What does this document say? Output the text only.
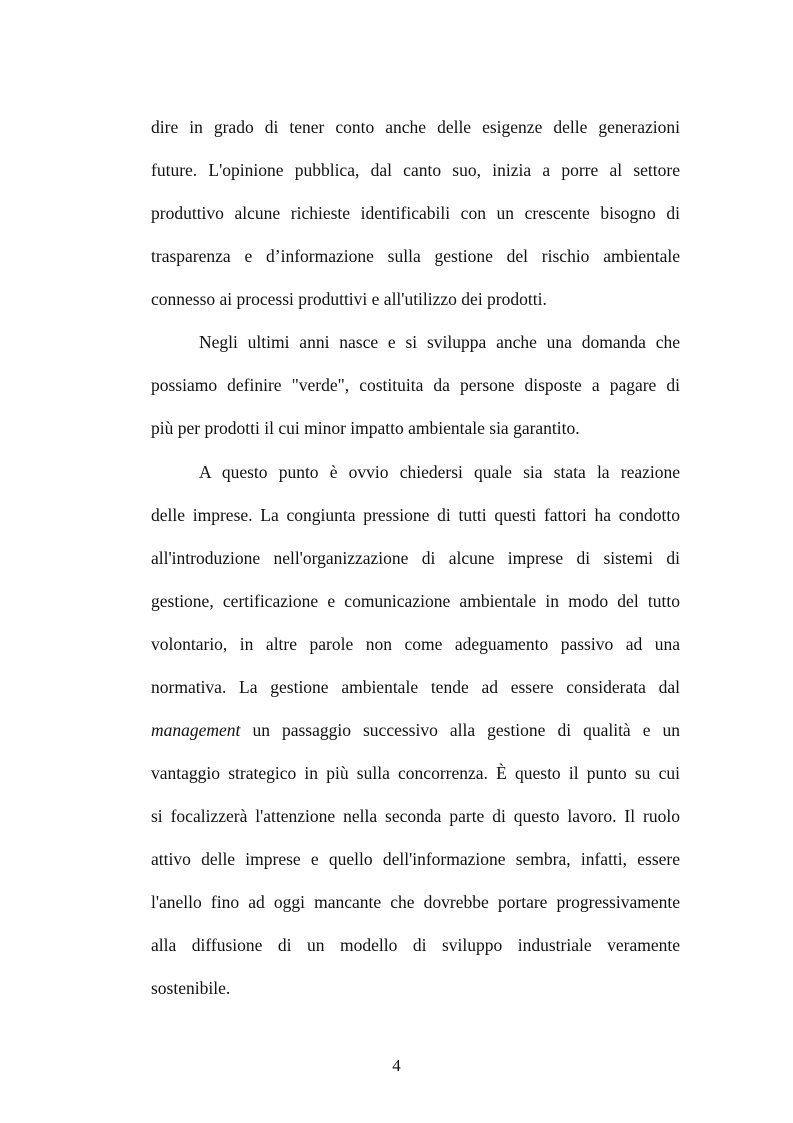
dire in grado di tener conto anche delle esigenze delle generazioni
future. L'opinione pubblica, dal canto suo, inizia a porre al settore
produttivo alcune richieste identificabili con un crescente bisogno di
trasparenza e d’informazione sulla gestione del rischio ambientale
connesso ai processi produttivi e all'utilizzo dei prodotti.
Negli ultimi anni nasce e si sviluppa anche una domanda che
possiamo definire "verde", costituita da persone disposte a pagare di
più per prodotti il cui minor impatto ambientale sia garantito.
A questo punto è ovvio chiedersi quale sia stata la reazione
delle imprese. La congiunta pressione di tutti questi fattori ha condotto
all'introduzione nell'organizzazione di alcune imprese di sistemi di
gestione, certificazione e comunicazione ambientale in modo del tutto
volontario, in altre parole non come adeguamento passivo ad una
normativa. La gestione ambientale tende ad essere considerata dal
management un passaggio successivo alla gestione di qualità e un
vantaggio strategico in più sulla concorrenza. È questo il punto su cui
si focalizzerà l'attenzione nella seconda parte di questo lavoro. Il ruolo
attivo delle imprese e quello dell'informazione sembra, infatti, essere
l'anello fino ad oggi mancante che dovrebbe portare progressivamente
alla diffusione di un modello di sviluppo industriale veramente
sostenibile.
4
